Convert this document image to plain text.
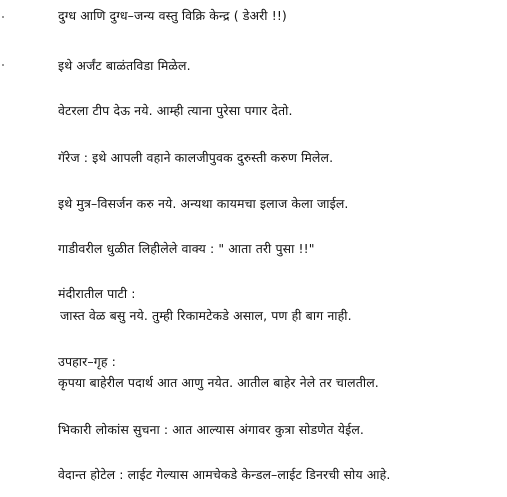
दुग्ध आणि दुग्ध–जन्य वस्तु विक्रि केन्द्र ( डेअरी !!)
इथे अर्जंट बाळंतविडा मिळेल.
वेटरला टीप देऊ नये. आम्ही त्याना पुरेसा पगार देतो.
गॅरेज : इथे आपली वहाने कालजीपुवक दुरुस्ती करुण मिलेल.
इथे मुत्र–विसर्जन करु नये. अन्यथा कायमचा इलाज केला जाईल.
गाडीवरील धुळीत लिहीलेले वाक्य : " आता तरी पुसा !!"
मंदीरातील पाटी :
जास्त वेळ बसु नये. तुम्ही रिकामटेकडे असाल, पण ही बाग नाही.
उपहार–गृह :
कृपया बाहेरील पदार्थ आत आणु नयेत. आतील बाहेर नेले तर चालतील.
भिकारी लोकांस सुचना : आत आल्यास अंगावर कुत्रा सोडणेत येईल.
वेदान्त होटेल : लाईट गेल्यास आमचेकडे केन्डल–लाईट डिनरची सोय आहे.
